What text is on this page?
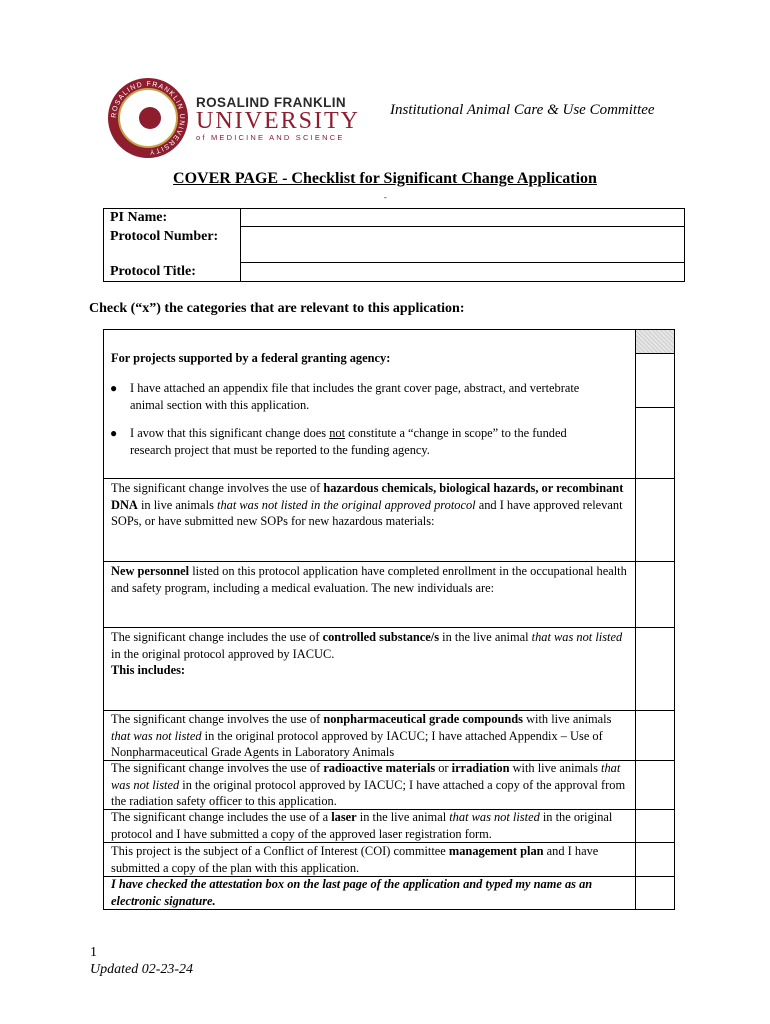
ROSALIND FRANKLIN UNIVERSITY
ROSALIND FRANKLIN
UNIVERSITY
of MEDICINE AND SCIENCE
Institutional Animal Care & Use Committee
COVER PAGE - Checklist for Significant Change Application
-
PI Name:
Protocol Number:
Protocol Title:
Check (“x”) the categories that are relevant to this application:
For projects supported by a federal granting agency:
● I have attached an appendix file that includes the grant cover page, abstract, and vertebrate animal section with this application.
● I avow that this significant change does not constitute a “change in scope” to the funded research project that must be reported to the funding agency.
The significant change involves the use of hazardous chemicals, biological hazards, or recombinant DNA in live animals that was not listed in the original approved protocol and I have approved relevant SOPs, or have submitted new SOPs for new hazardous materials:
New personnel listed on this protocol application have completed enrollment in the occupational health and safety program, including a medical evaluation. The new individuals are:
The significant change includes the use of controlled substance/s in the live animal that was not listed in the original protocol approved by IACUC.
This includes:
The significant change involves the use of nonpharmaceutical grade compounds with live animals that was not listed in the original protocol approved by IACUC; I have attached Appendix – Use of Nonpharmaceutical Grade Agents in Laboratory Animals
The significant change involves the use of radioactive materials or irradiation with live animals that was not listed in the original protocol approved by IACUC; I have attached a copy of the approval from the radiation safety officer to this application.
The significant change includes the use of a laser in the live animal that was not listed in the original protocol and I have submitted a copy of the approved laser registration form.
This project is the subject of a Conflict of Interest (COI) committee management plan and I have submitted a copy of the plan with this application.
I have checked the attestation box on the last page of the application and typed my name as an electronic signature.
1
Updated 02-23-24
